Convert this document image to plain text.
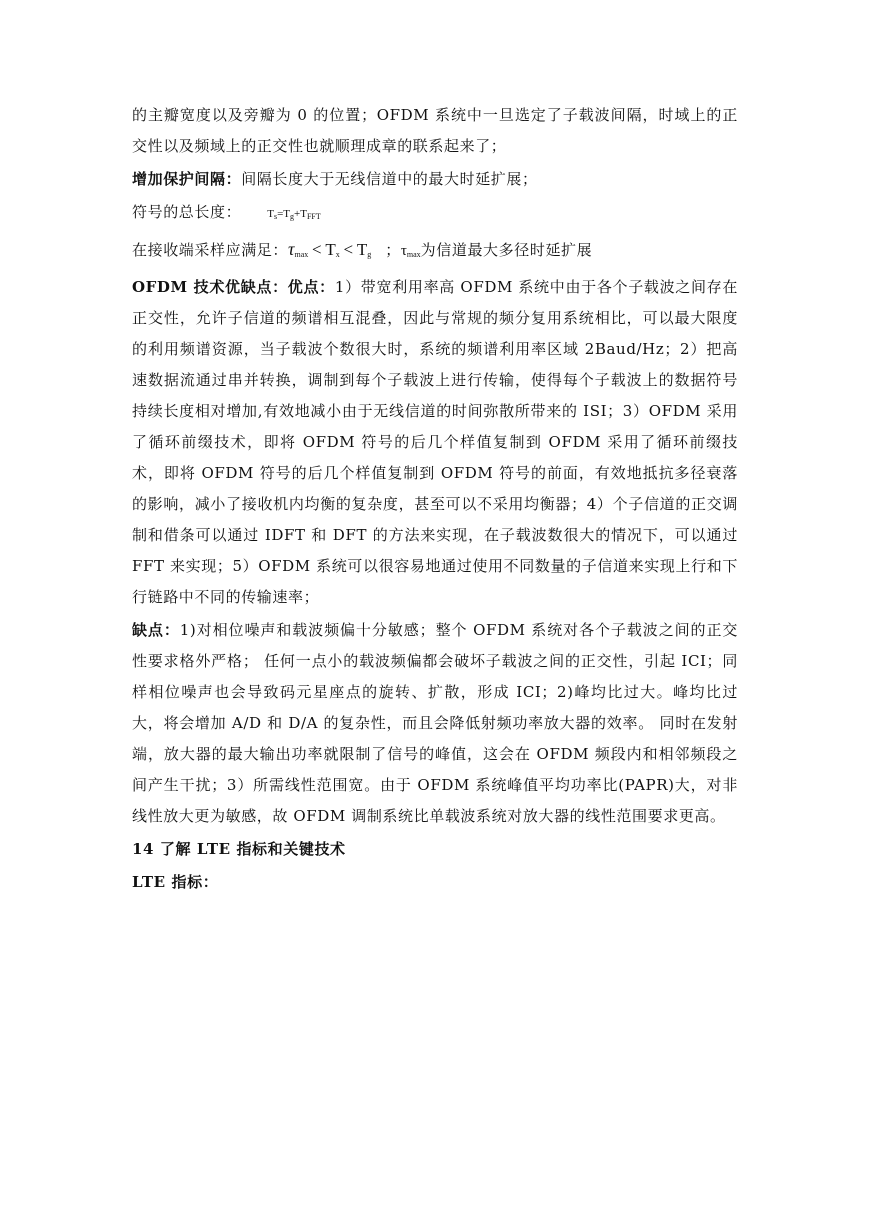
的主瓣宽度以及旁瓣为 0 的位置；OFDM 系统中一旦选定了子载波间隔，时域上的正交性以及频域上的正交性也就顺理成章的联系起来了；

增加保护间隔：间隔长度大于无线信道中的最大时延扩展；

符号的总长度： $T_s=T_g+T_{FFT}$

在接收端采样应满足：$\tau_{max} < T_x < T_g$ ；$\tau_{max}$为信道最大多径时延扩展

OFDM 技术优缺点：优点：1）带宽利用率高 OFDM 系统中由于各个子载波之间存在正交性，允许子信道的频谱相互混叠，因此与常规的频分复用系统相比，可以最大限度的利用频谱资源，当子载波个数很大时，系统的频谱利用率区域 2Baud/Hz；2）把高速数据流通过串并转换，调制到每个子载波上进行传输，使得每个子载波上的数据符号持续长度相对增加,有效地减小由于无线信道的时间弥散所带来的 ISI；3）OFDM 采用了循环前缀技术，即将 OFDM 符号的后几个样值复制到 OFDM 采用了循环前缀技术，即将 OFDM 符号的后几个样值复制到 OFDM 符号的前面，有效地抵抗多径衰落的影响，减小了接收机内均衡的复杂度，甚至可以不采用均衡器；4）个子信道的正交调制和借条可以通过 IDFT 和 DFT 的方法来实现，在子载波数很大的情况下，可以通过 FFT 来实现；5）OFDM 系统可以很容易地通过使用不同数量的子信道来实现上行和下行链路中不同的传输速率；

缺点：1)对相位噪声和载波频偏十分敏感；整个 OFDM 系统对各个子载波之间的正交性要求格外严格； 任何一点小的载波频偏都会破坏子载波之间的正交性，引起 ICI；同样相位噪声也会导致码元星座点的旋转、扩散，形成 ICI；2)峰均比过大。峰均比过大，将会增加 A/D 和 D/A 的复杂性，而且会降低射频功率放大器的效率。 同时在发射端，放大器的最大输出功率就限制了信号的峰值，这会在 OFDM 频段内和相邻频段之间产生干扰；3）所需线性范围宽。由于 OFDM 系统峰值平均功率比(PAPR)大，对非线性放大更为敏感，故 OFDM 调制系统比单载波系统对放大器的线性范围要求更高。

14 了解 LTE 指标和关键技术

LTE 指标：
